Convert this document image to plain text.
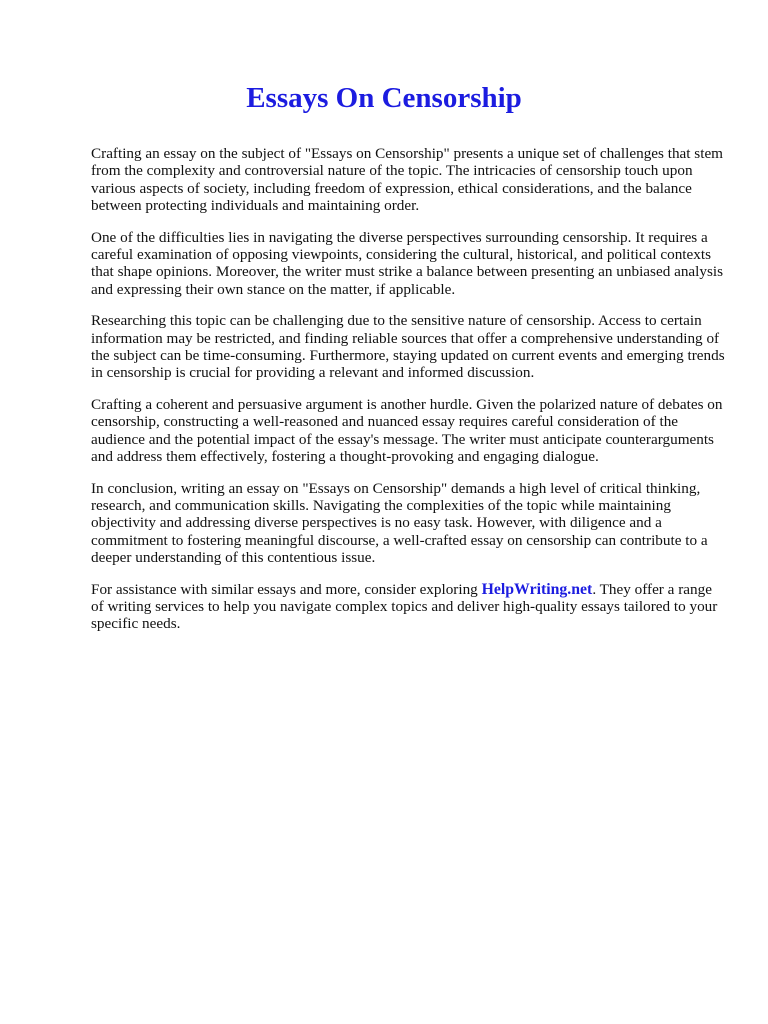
Essays On Censorship

Crafting an essay on the subject of "Essays on Censorship" presents a unique set of challenges that stem from the complexity and controversial nature of the topic. The intricacies of censorship touch upon various aspects of society, including freedom of expression, ethical considerations, and the balance between protecting individuals and maintaining order.

One of the difficulties lies in navigating the diverse perspectives surrounding censorship. It requires a careful examination of opposing viewpoints, considering the cultural, historical, and political contexts that shape opinions. Moreover, the writer must strike a balance between presenting an unbiased analysis and expressing their own stance on the matter, if applicable.

Researching this topic can be challenging due to the sensitive nature of censorship. Access to certain information may be restricted, and finding reliable sources that offer a comprehensive understanding of the subject can be time-consuming. Furthermore, staying updated on current events and emerging trends in censorship is crucial for providing a relevant and informed discussion.

Crafting a coherent and persuasive argument is another hurdle. Given the polarized nature of debates on censorship, constructing a well-reasoned and nuanced essay requires careful consideration of the audience and the potential impact of the essay's message. The writer must anticipate counterarguments and address them effectively, fostering a thought-provoking and engaging dialogue.

In conclusion, writing an essay on "Essays on Censorship" demands a high level of critical thinking, research, and communication skills. Navigating the complexities of the topic while maintaining objectivity and addressing diverse perspectives is no easy task. However, with diligence and a commitment to fostering meaningful discourse, a well-crafted essay on censorship can contribute to a deeper understanding of this contentious issue.

For assistance with similar essays and more, consider exploring HelpWriting.net. They offer a range of writing services to help you navigate complex topics and deliver high-quality essays tailored to your specific needs.
